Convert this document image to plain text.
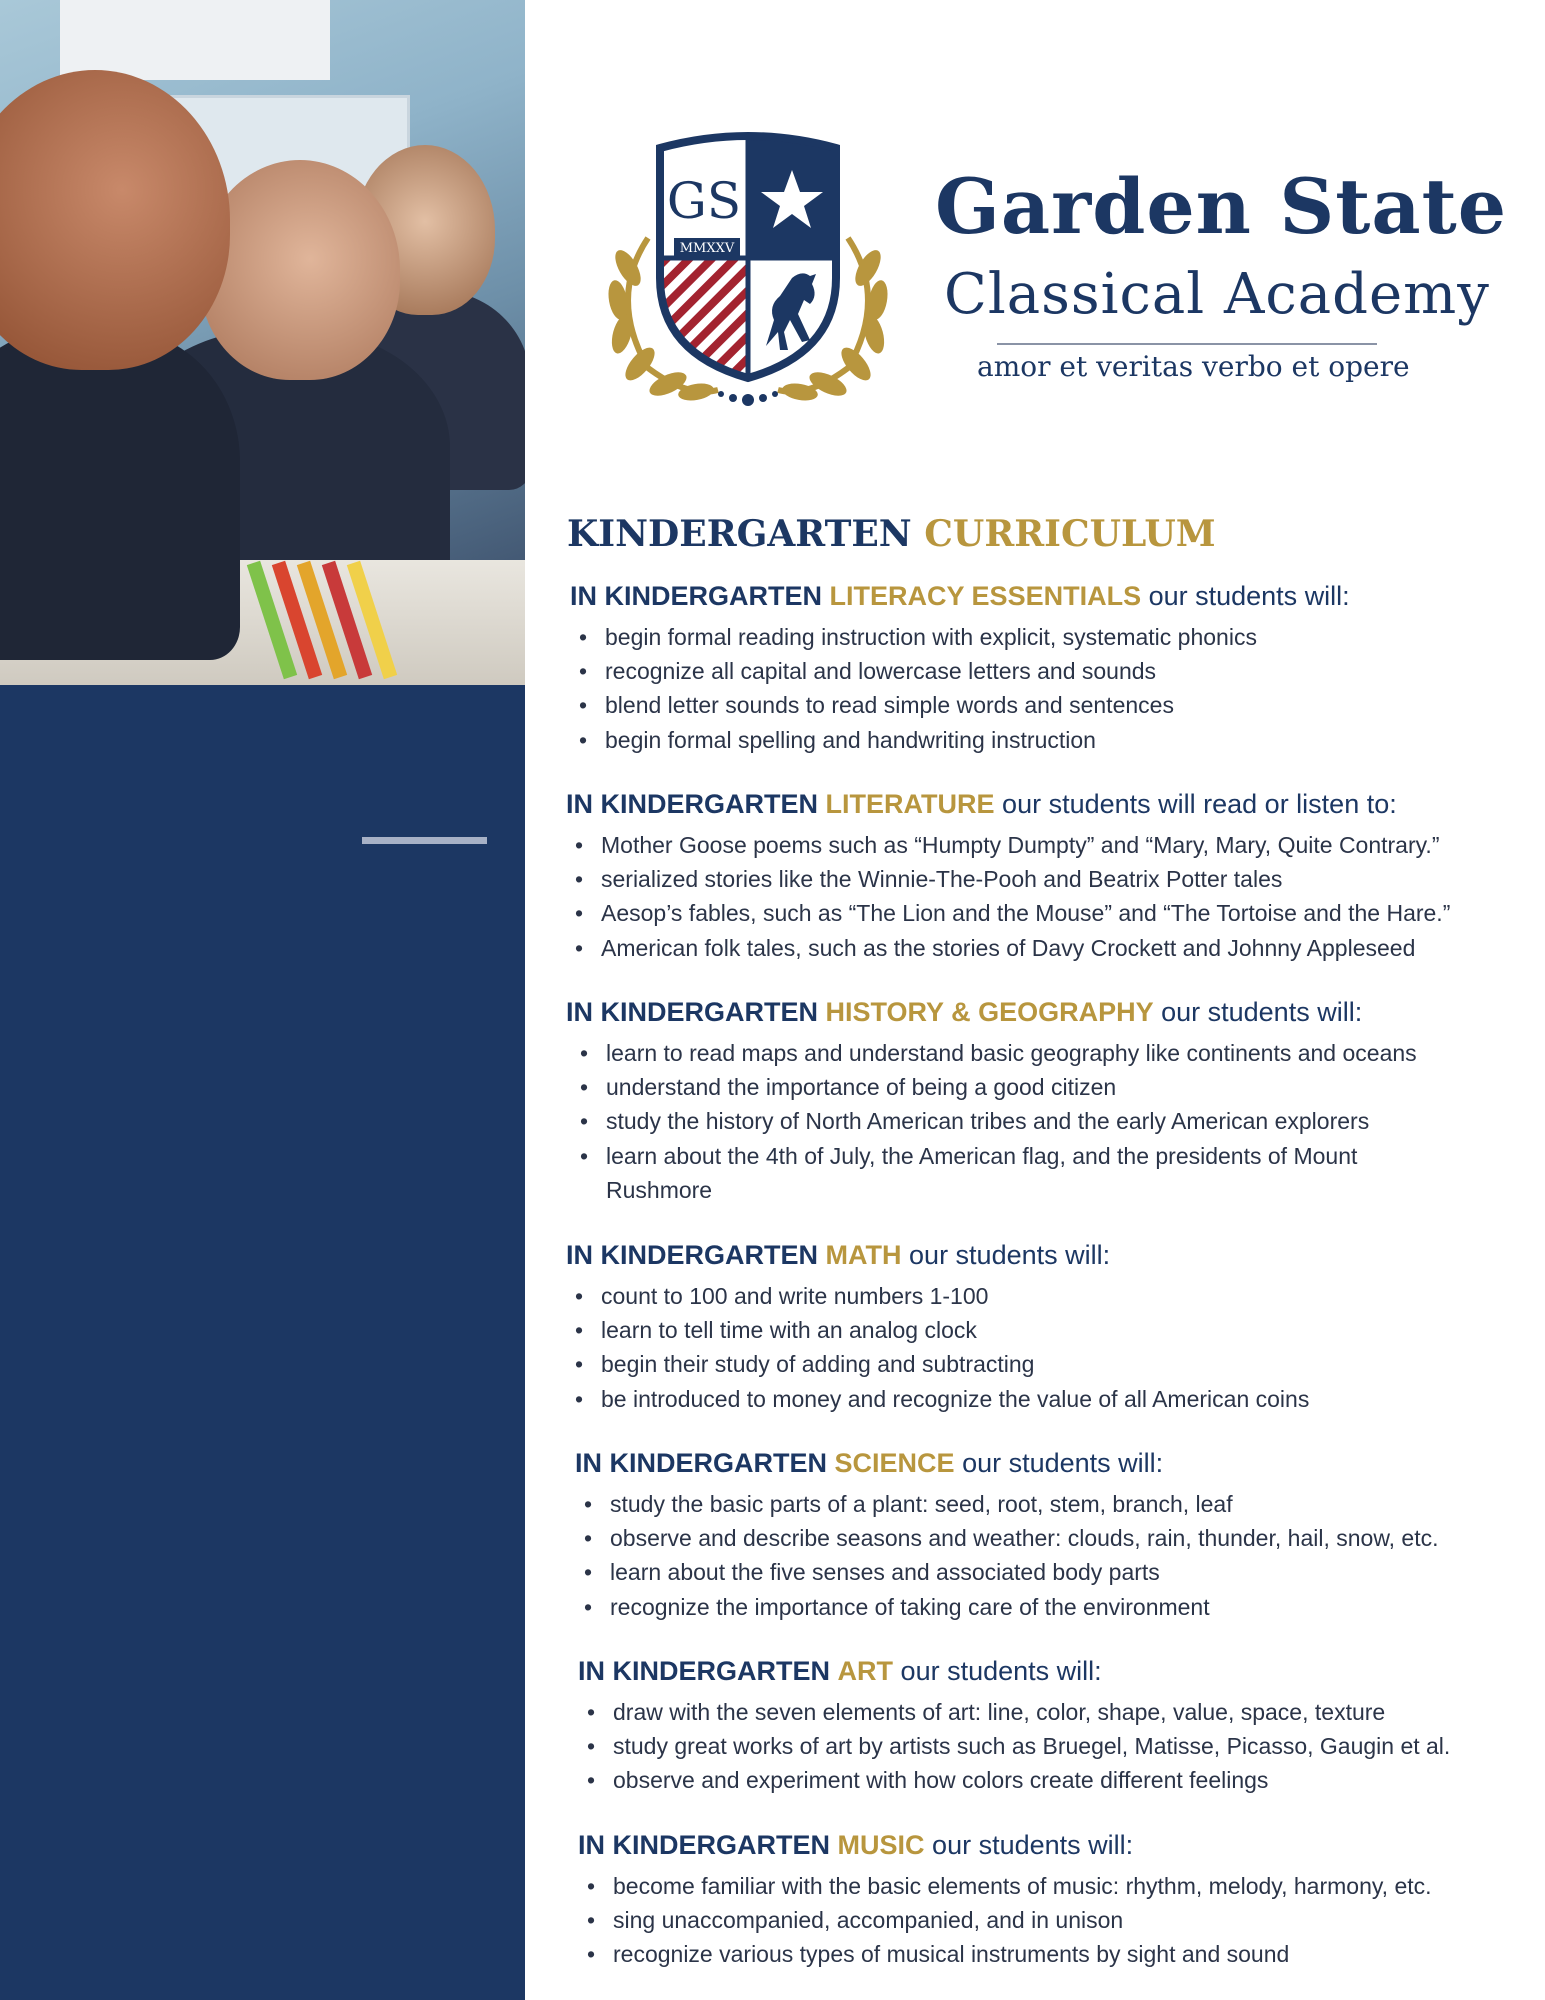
MMXXV
GS	Garden State
Classical Academy
amor et veritas verbo et opere
KINDERGARTEN CURRICULUM
IN KINDERGARTEN LITERACY ESSENTIALS our students will:
• begin formal reading instruction with explicit, systematic phonics
• recognize all capital and lowercase letters and sounds
• blend letter sounds to read simple words and sentences
• begin formal spelling and handwriting instruction
IN KINDERGARTEN LITERATURE our students will read or listen to:
• Mother Goose poems such as “Humpty Dumpty” and “Mary, Mary, Quite Contrary.”
• serialized stories like the Winnie-The-Pooh and Beatrix Potter tales
• Aesop’s fables, such as “The Lion and the Mouse” and “The Tortoise and the Hare.”
• American folk tales, such as the stories of Davy Crockett and Johnny Appleseed
IN KINDERGARTEN HISTORY & GEOGRAPHY our students will:
• learn to read maps and understand basic geography like continents and oceans
• understand the importance of being a good citizen
• study the history of North American tribes and the early American explorers
• learn about the 4th of July, the American flag, and the presidents of Mount
Rushmore
IN KINDERGARTEN MATH our students will:
• count to 100 and write numbers 1-100
• learn to tell time with an analog clock
• begin their study of adding and subtracting
• be introduced to money and recognize the value of all American coins
IN KINDERGARTEN SCIENCE our students will:
• study the basic parts of a plant: seed, root, stem, branch, leaf
• observe and describe seasons and weather: clouds, rain, thunder, hail, snow, etc.
• learn about the five senses and associated body parts
• recognize the importance of taking care of the environment
IN KINDERGARTEN ART our students will:
• draw with the seven elements of art: line, color, shape, value, space, texture
• study great works of art by artists such as Bruegel, Matisse, Picasso, Gaugin et al.
• observe and experiment with how colors create different feelings
IN KINDERGARTEN MUSIC our students will:
• become familiar with the basic elements of music: rhythm, melody, harmony, etc.
• sing unaccompanied, accompanied, and in unison
• recognize various types of musical instruments by sight and sound
